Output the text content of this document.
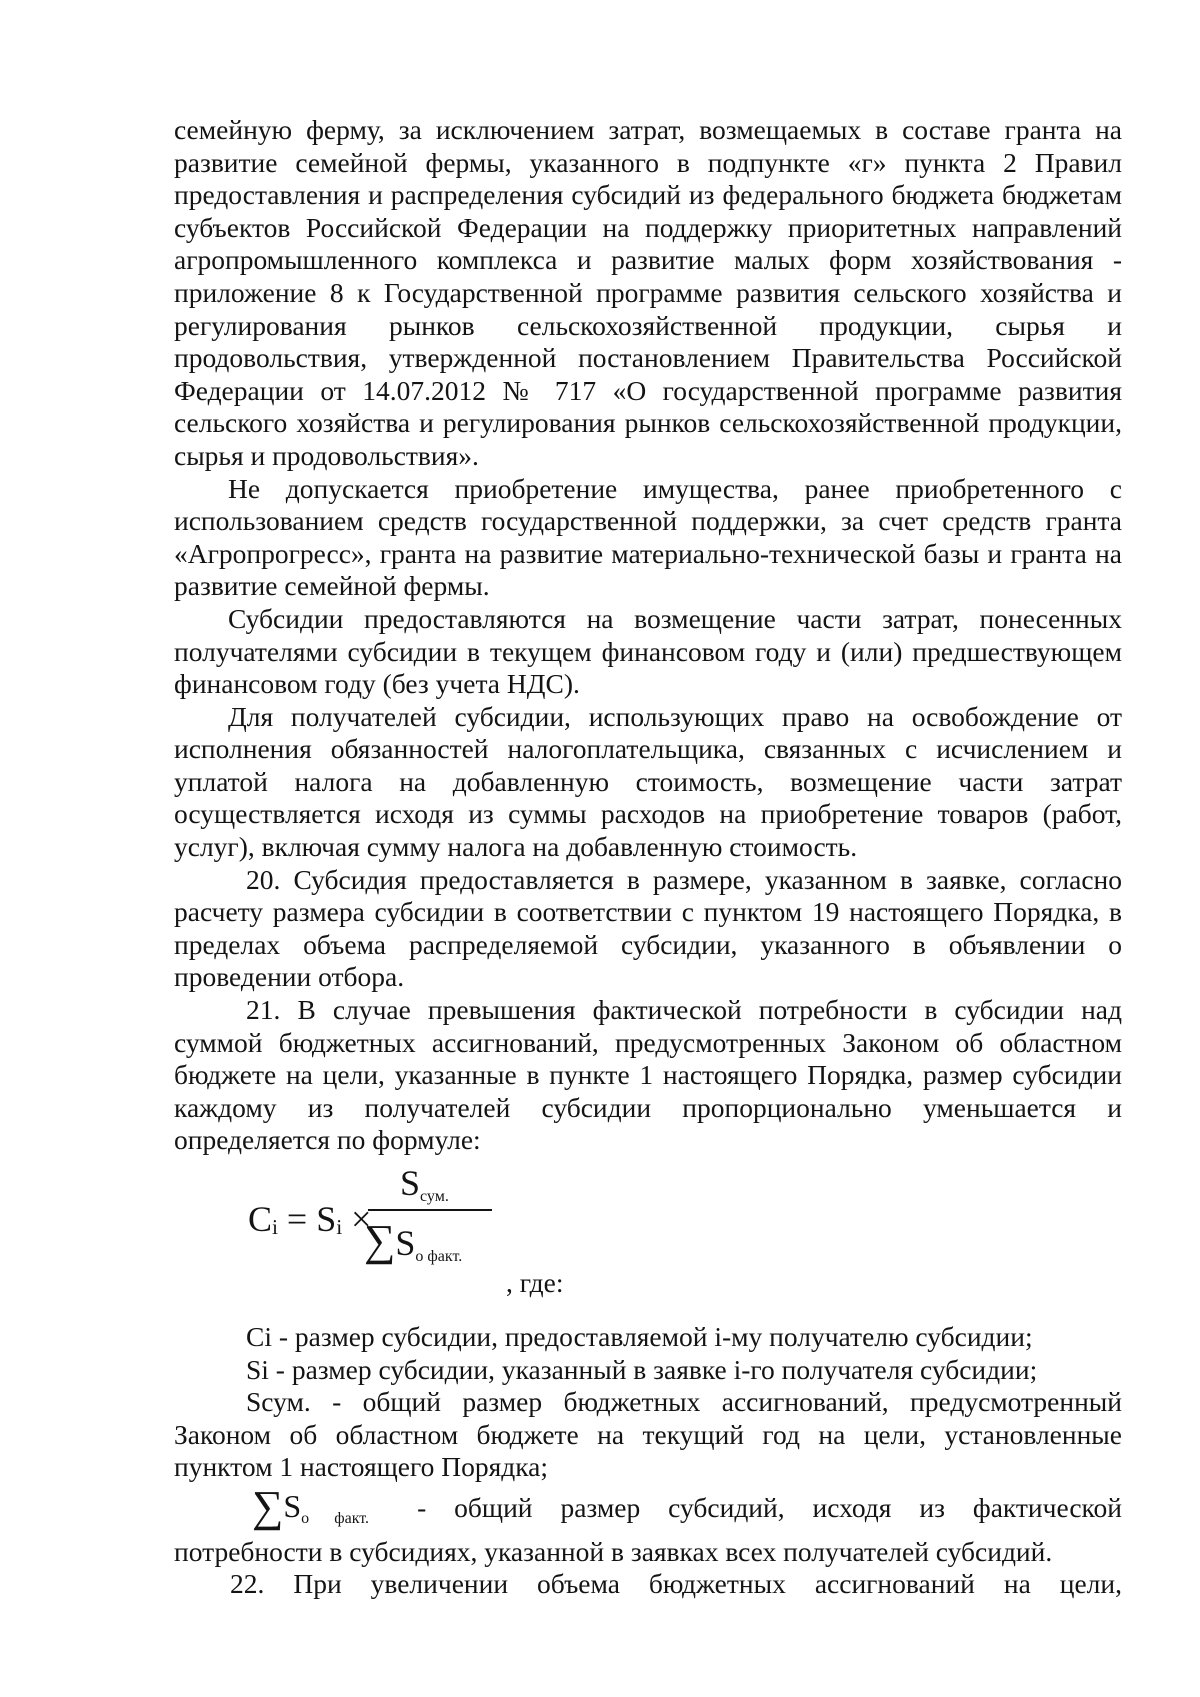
семейную ферму, за исключением затрат, возмещаемых в составе гранта на развитие семейной фермы, указанного в подпункте «г» пункта 2 Правил предоставления и распределения субсидий из федерального бюджета бюджетам субъектов Российской Федерации на поддержку приоритетных направлений агропромышленного комплекса и развитие малых форм хозяйствования - приложение 8 к Государственной программе развития сельского хозяйства и регулирования рынков сельскохозяйственной продукции, сырья и продовольствия, утвержденной постановлением Правительства Российской Федерации от 14.07.2012 № 717 «О государственной программе развития сельского хозяйства и регулирования рынков сельскохозяйственной продукции, сырья и продовольствия».

Не допускается приобретение имущества, ранее приобретенного с использованием средств государственной поддержки, за счет средств гранта «Агропрогресс», гранта на развитие материально-технической базы и гранта на развитие семейной фермы.

Субсидии предоставляются на возмещение части затрат, понесенных получателями субсидии в текущем финансовом году и (или) предшествующем финансовом году (без учета НДС).

Для получателей субсидии, использующих право на освобождение от исполнения обязанностей налогоплательщика, связанных с исчислением и уплатой налога на добавленную стоимость, возмещение части затрат осуществляется исходя из суммы расходов на приобретение товаров (работ, услуг), включая сумму налога на добавленную стоимость.

20. Субсидия предоставляется в размере, указанном в заявке, согласно расчету размера субсидии в соответствии с пунктом 19 настоящего Порядка, в пределах объема распределяемой субсидии, указанного в объявлении о проведении отбора.

21. В случае превышения фактической потребности в субсидии над суммой бюджетных ассигнований, предусмотренных Законом об областном бюджете на цели, указанные в пункте 1 настоящего Порядка, размер субсидии каждому из получателей субсидии пропорционально уменьшается и определяется по формуле:

Cᵢ = Sᵢ ×
Sсум.
∑Sо факт.
, где:

Ci - размер субсидии, предоставляемой i-му получателю субсидии;

Si - размер субсидии, указанный в заявке i-го получателя субсидии;

Sсум. - общий размер бюджетных ассигнований, предусмотренный Законом об областном бюджете на текущий год на цели, установленные пунктом 1 настоящего Порядка;

$\sum S_{о факт.}$ - общий размер субсидий, исходя из фактической потребности в субсидиях, указанной в заявках всех получателей субсидий.

22. При увеличении объема бюджетных ассигнований на цели,
